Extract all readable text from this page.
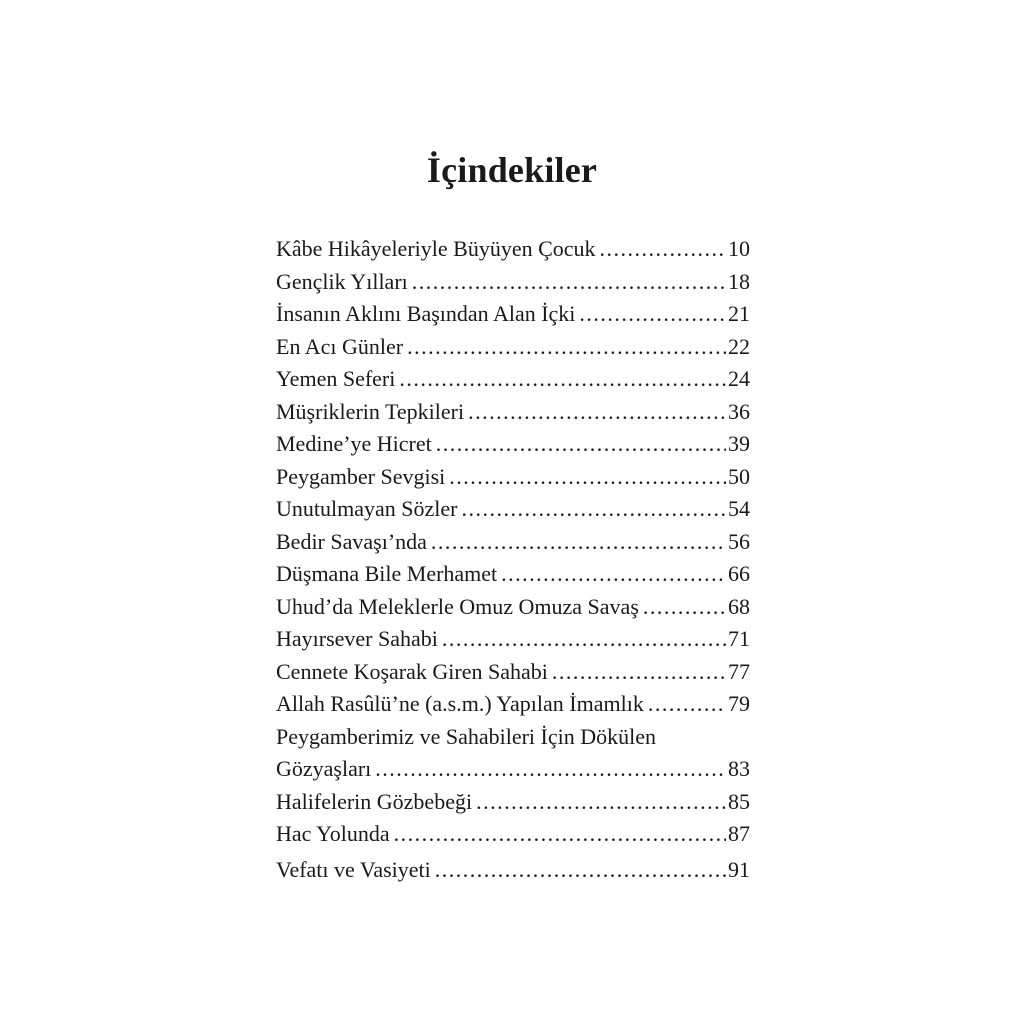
İçindekiler
Kâbe Hikâyeleriyle Büyüyen Çocuk .....	10
Gençlik Yılları .....	18
İnsanın Aklını Başından Alan İçki .....	21
En Acı Günler .....	22
Yemen Seferi .....	24
Müşriklerin Tepkileri .....	36
Medine’ye Hicret .....	39
Peygamber Sevgisi .....	50
Unutulmayan Sözler .....	54
Bedir Savaşı’nda .....	56
Düşmana Bile Merhamet .....	66
Uhud’da Meleklerle Omuz Omuza Savaş .....	68
Hayırsever Sahabi .....	71
Cennete Koşarak Giren Sahabi .....	77
Allah Rasûlü’ne (a.s.m.) Yapılan İmamlık .....	79
Peygamberimiz ve Sahabileri İçin Dökülen
Gözyaşları .....	83
Halifelerin Gözbebeği .....	85
Hac Yolunda .....	87
Vefatı ve Vasiyeti .....	91
